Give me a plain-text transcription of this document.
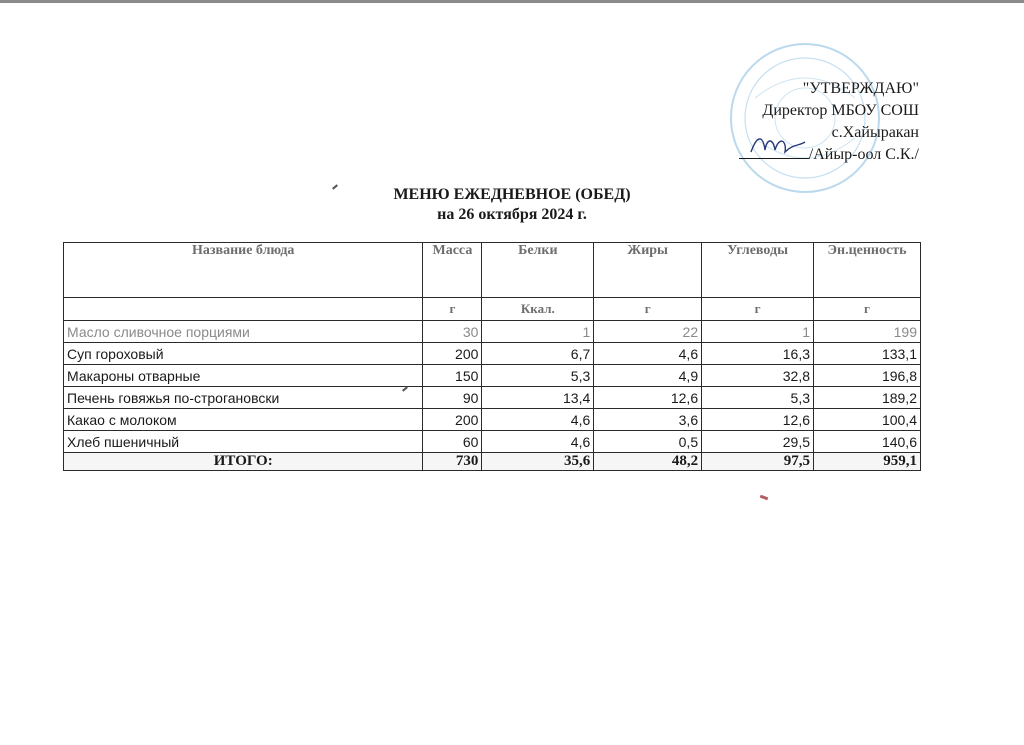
"УТВЕРЖДАЮ"
Директор МБОУ СОШ
с.Хайыракан
/Айыр-оол С.К./
МЕНЮ ЕЖЕДНЕВНОЕ (ОБЕД)
на 26 октября 2024 г.
Название блюда	Масса	Белки	Жиры	Углеводы	Эн.ценность
	г	Ккал.	г	г	г
Масло сливочное порциями	30	1	22	1	199
Суп гороховый	200	6,7	4,6	16,3	133,1
Макароны отварные	150	5,3	4,9	32,8	196,8
Печень говяжья по-строгановски	90	13,4	12,6	5,3	189,2
Какао с молоком	200	4,6	3,6	12,6	100,4
Хлеб пшеничный	60	4,6	0,5	29,5	140,6
ИТОГО:	730	35,6	48,2	97,5	959,1
